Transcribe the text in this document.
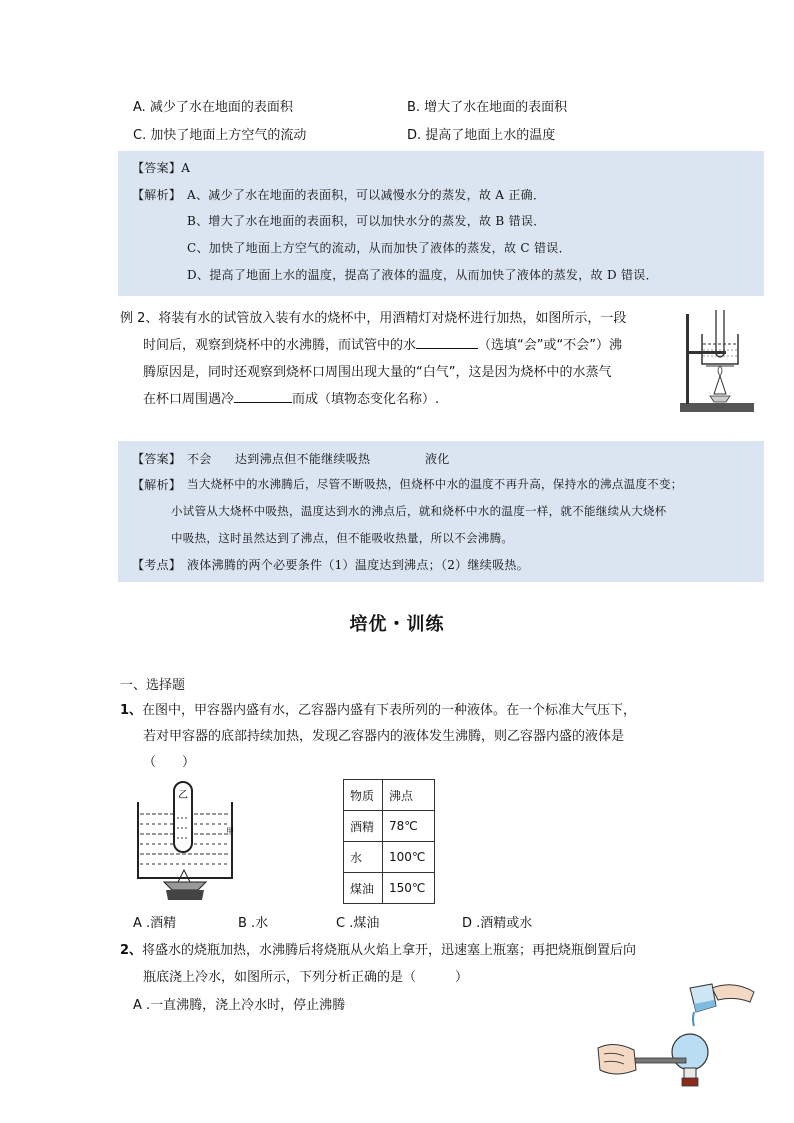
A. 减少了水在地面的表面积	B. 增大了水在地面的表面积
C. 加快了地面上方空气的流动	D. 提高了地面上水的温度
【答案】A
【解析】 A、减少了水在地面的表面积，可以减慢水分的蒸发，故 A 正确．
B、增大了水在地面的表面积，可以加快水分的蒸发，故 B 错误．
C、加快了地面上方空气的流动，从而加快了液体的蒸发，故 C 错误．
D、提高了地面上水的温度，提高了液体的温度，从而加快了液体的蒸发，故 D 错误．
例 2、将装有水的试管放入装有水的烧杯中，用酒精灯对烧杯进行加热，如图所示，一段
时间后，观察到烧杯中的水沸腾，而试管中的水	（选填“会”或“不会”）沸
腾原因是，同时还观察到烧杯口周围出现大量的“白气”，这是因为烧杯中的水蒸气
在杯口周围遇冷	而成（填物态变化名称）.
【答案】 不会 达到沸点但不能继续吸热	液化
【解析】 当大烧杯中的水沸腾后，尽管不断吸热，但烧杯中水的温度不再升高，保持水的沸点温度不变；
小试管从大烧杯中吸热，温度达到水的沸点后，就和烧杯中水的温度一样，就不能继续从大烧杯
中吸热，这时虽然达到了沸点，但不能吸收热量，所以不会沸腾。
【考点】 液体沸腾的两个必要条件（1）温度达到沸点；（2）继续吸热。
培优・训练
一、选择题
1、在图中，甲容器内盛有水，乙容器内盛有下表所列的一种液体。在一个标准大气压下，
若对甲容器的底部持续加热，发现乙容器内的液体发生沸腾，则乙容器内盛的液体是
（　　）
乙
甲
物质	沸点
酒精	78℃
水	100℃
煤油	150℃
A .酒精	B .水	C .煤油	D .酒精或水
2、将盛水的烧瓶加热，水沸腾后将烧瓶从火焰上拿开，迅速塞上瓶塞；再把烧瓶倒置后向
瓶底浇上冷水，如图所示，下列分析正确的是（　　　）
A .一直沸腾，浇上冷水时，停止沸腾
